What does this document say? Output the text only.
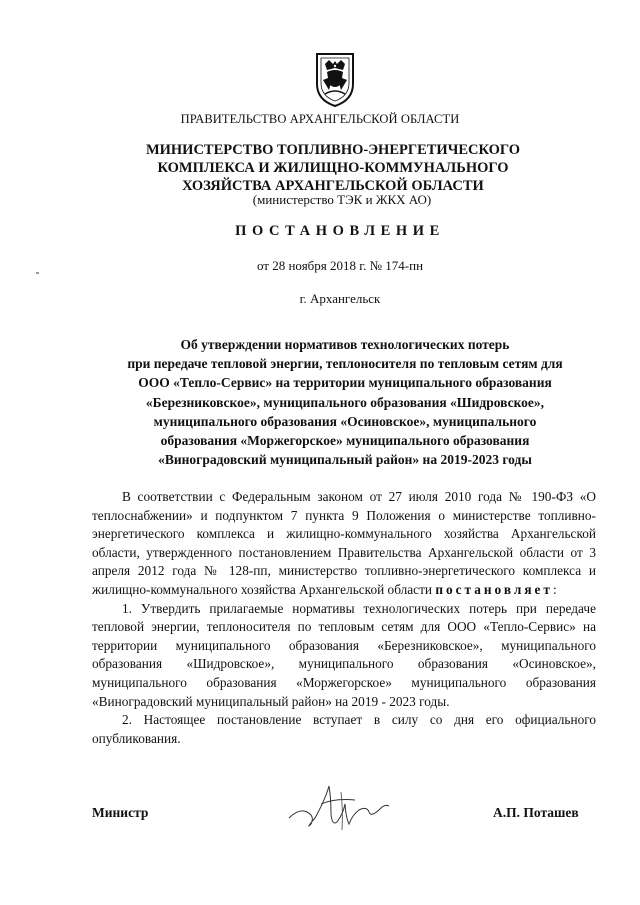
ПРАВИТЕЛЬСТВО АРХАНГЕЛЬСКОЙ ОБЛАСТИ
МИНИСТЕРСТВО ТОПЛИВНО-ЭНЕРГЕТИЧЕСКОГО
КОМПЛЕКСА И ЖИЛИЩНО-КОММУНАЛЬНОГО
ХОЗЯЙСТВА АРХАНГЕЛЬСКОЙ ОБЛАСТИ
(министерство ТЭК и ЖКХ АО)
ПОСТАНОВЛЕНИЕ
от 28 ноября 2018 г. № 174-пн
г. Архангельск
Об утверждении нормативов технологических потерь
при передаче тепловой энергии, теплоносителя по тепловым сетям для
ООО «Тепло-Сервис» на территории муниципального образования
«Березниковское», муниципального образования «Шидровское»,
муниципального образования «Осиновское», муниципального
образования «Моржегорское» муниципального образования
«Виноградовский муниципальный район» на 2019-2023 годы

В соответствии с Федеральным законом от 27 июля 2010 года № 190-ФЗ «О теплоснабжении» и подпунктом 7 пункта 9 Положения о министерстве топливно-энергетического комплекса и жилищно-коммунального хозяйства Архангельской области, утвержденного постановлением Правительства Архангельской области от 3 апреля 2012 года № 128-пп, министерство топливно-энергетического комплекса и жилищно-коммунального хозяйства Архангельской области постановляет:

1. Утвердить прилагаемые нормативы технологических потерь при передаче тепловой энергии, теплоносителя по тепловым сетям для ООО «Тепло-Сервис» на территории муниципального образования «Березниковское», муниципального образования «Шидровское», муниципального образования «Осиновское», муниципального образования «Моржегорское» муниципального образования «Виноградовский муниципальный район» на 2019 - 2023 годы.

2. Настоящее постановление вступает в силу со дня его официального опубликования.

Министр	А.П. Поташев
